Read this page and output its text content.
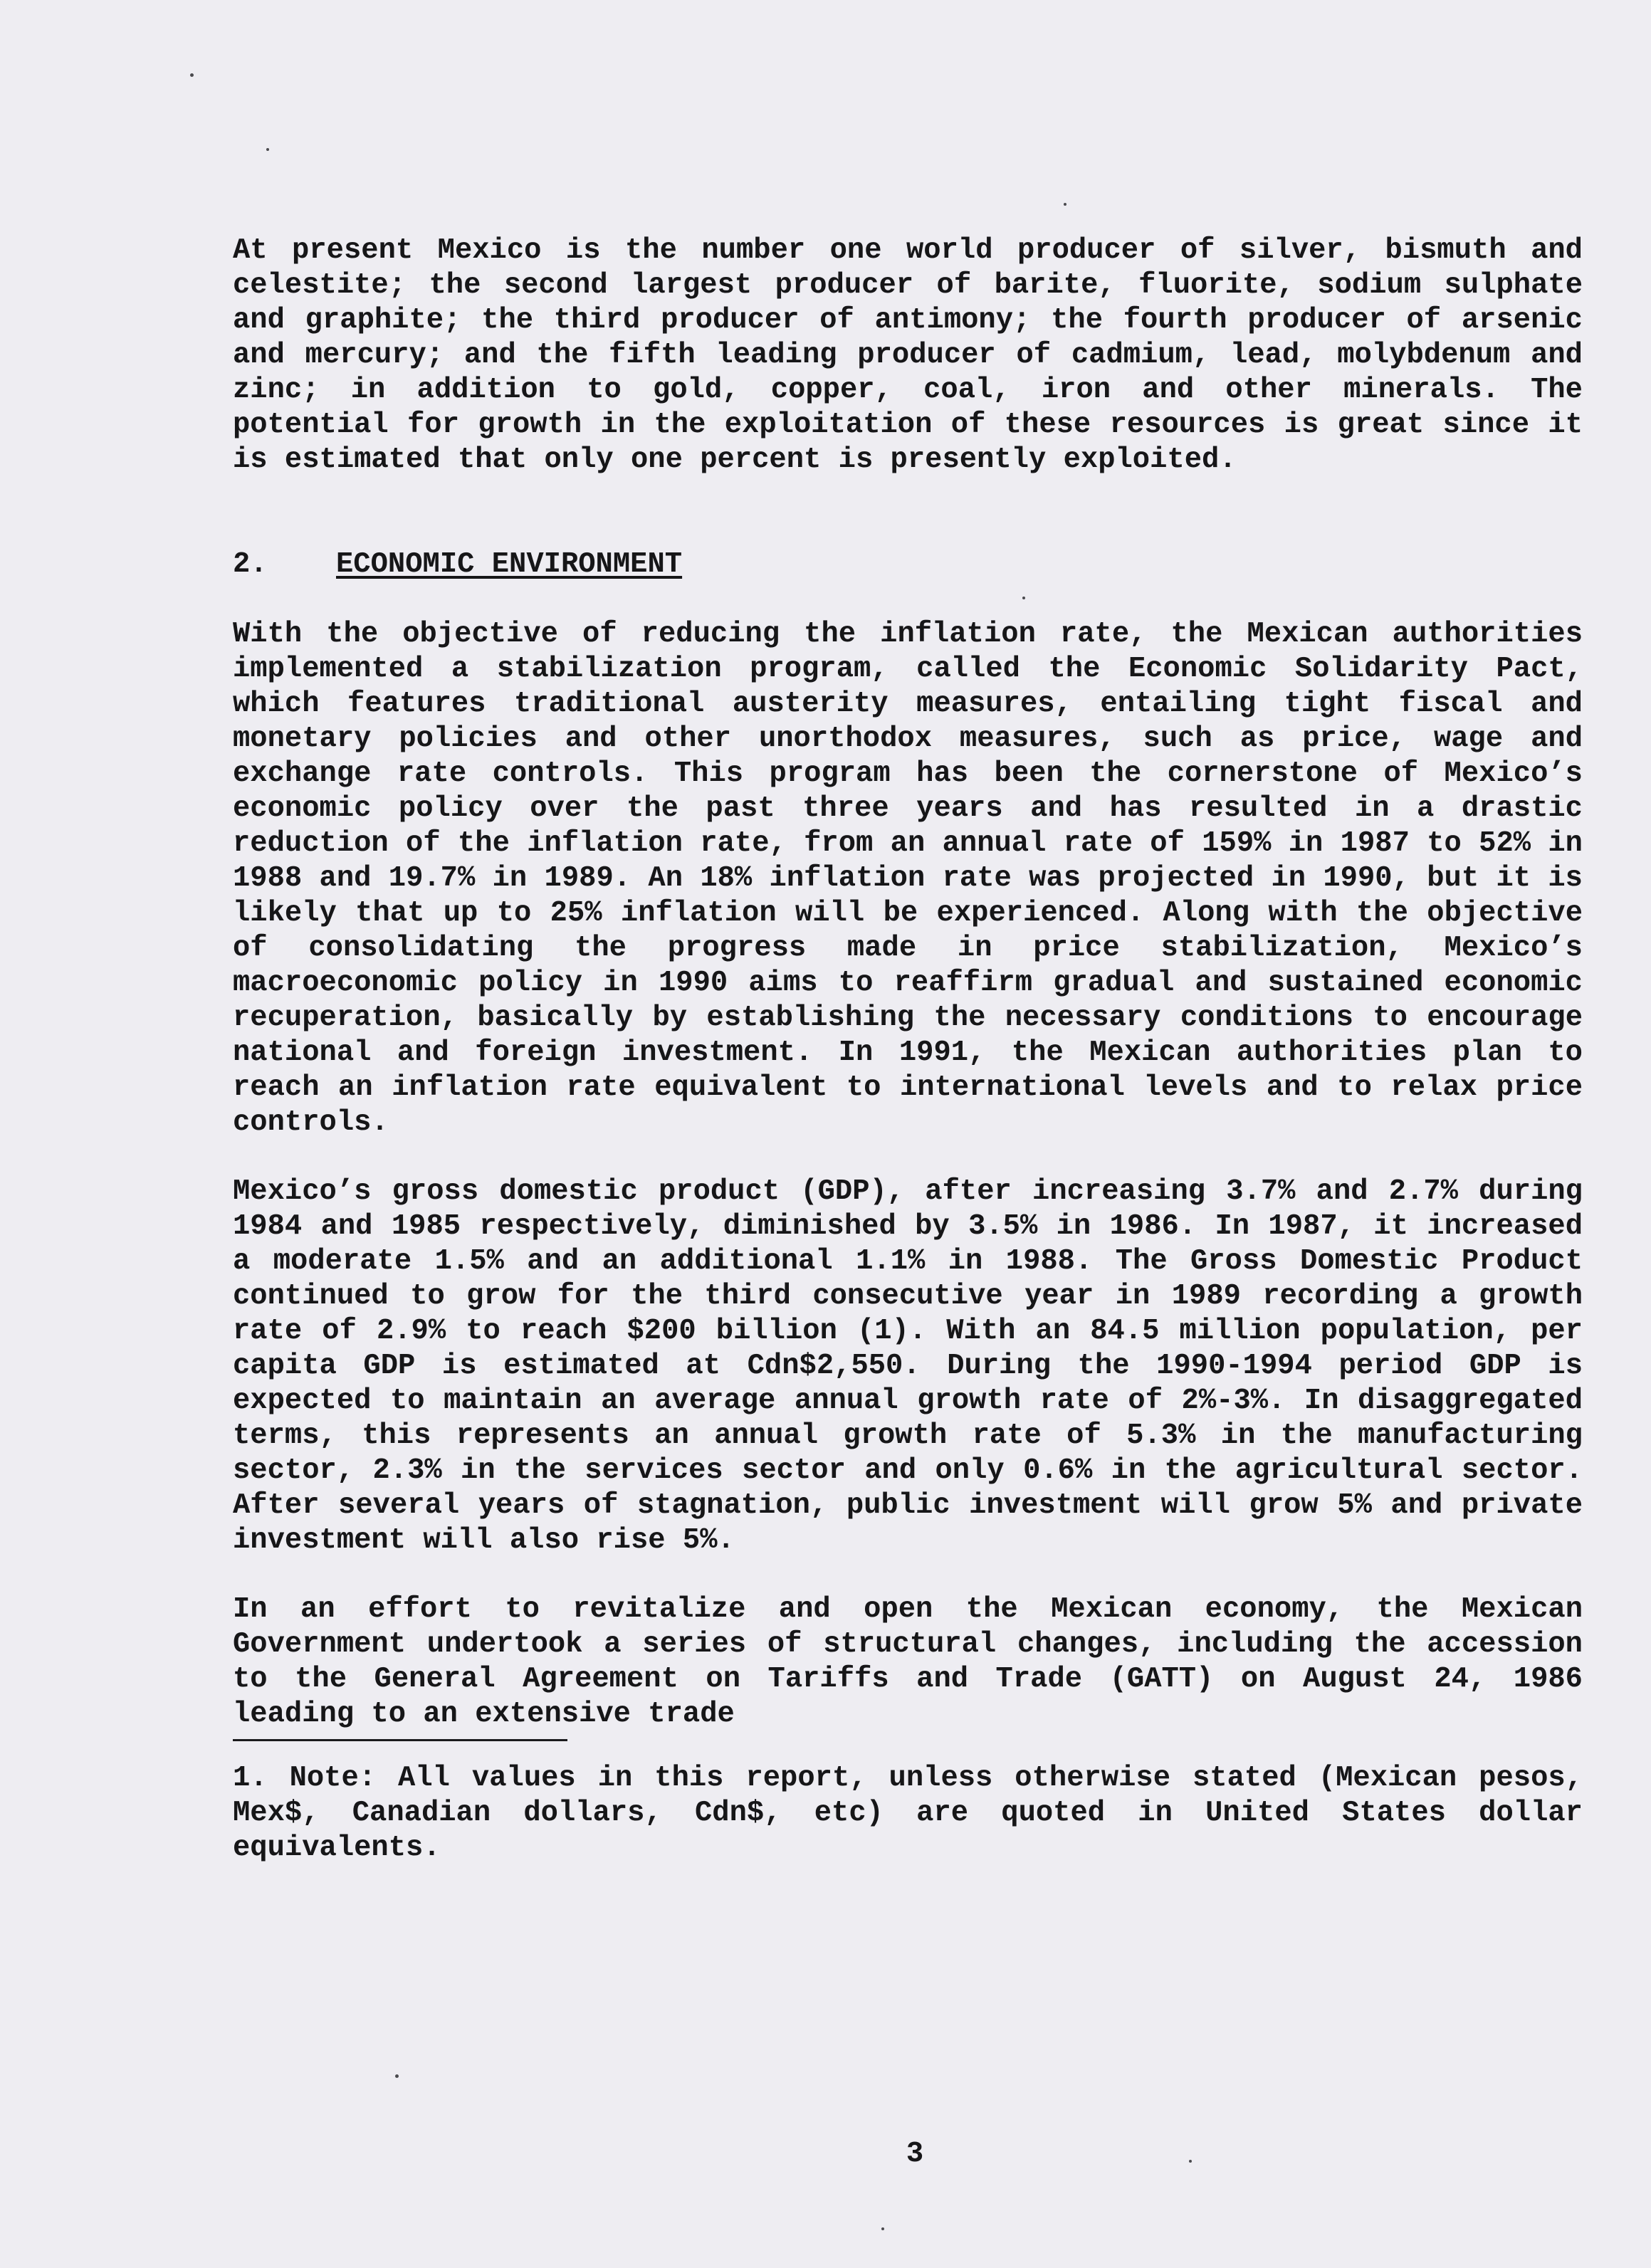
At present Mexico is the number one world producer of silver, bismuth and celestite; the second largest producer of barite, fluorite, sodium sulphate and graphite; the third producer of antimony; the fourth producer of arsenic and mercury; and the fifth leading producer of cadmium, lead, molybdenum and zinc; in addition to gold, copper, coal, iron and other minerals. The potential for growth in the exploitation of these resources is great since it is estimated that only one percent is presently exploited.

2. ECONOMIC ENVIRONMENT

With the objective of reducing the inflation rate, the Mexican authorities implemented a stabilization program, called the Economic Solidarity Pact, which features traditional austerity measures, entailing tight fiscal and monetary policies and other unorthodox measures, such as price, wage and exchange rate controls. This program has been the cornerstone of Mexico’s economic policy over the past three years and has resulted in a drastic reduction of the inflation rate, from an annual rate of 159% in 1987 to 52% in 1988 and 19.7% in 1989. An 18% inflation rate was projected in 1990, but it is likely that up to 25% inflation will be experienced. Along with the objective of consolidating the progress made in price stabilization, Mexico’s macroeconomic policy in 1990 aims to reaffirm gradual and sustained economic recuperation, basically by establishing the necessary conditions to encourage national and foreign investment. In 1991, the Mexican authorities plan to reach an inflation rate equivalent to international levels and to relax price controls.

Mexico’s gross domestic product (GDP), after increasing 3.7% and 2.7% during 1984 and 1985 respectively, diminished by 3.5% in 1986. In 1987, it increased a moderate 1.5% and an additional 1.1% in 1988. The Gross Domestic Product continued to grow for the third consecutive year in 1989 recording a growth rate of 2.9% to reach $200 billion (1). With an 84.5 million population, per capita GDP is estimated at Cdn$2,550. During the 1990-1994 period GDP is expected to maintain an average annual growth rate of 2%-3%. In disaggregated terms, this represents an annual growth rate of 5.3% in the manufacturing sector, 2.3% in the services sector and only 0.6% in the agricultural sector. After several years of stagnation, public investment will grow 5% and private investment will also rise 5%.

In an effort to revitalize and open the Mexican economy, the Mexican Government undertook a series of structural changes, including the accession to the General Agreement on Tariffs and Trade (GATT) on August 24, 1986 leading to an extensive trade

1. Note: All values in this report, unless otherwise stated (Mexican pesos, Mex$, Canadian dollars, Cdn$, etc) are quoted in United States dollar equivalents.

3
